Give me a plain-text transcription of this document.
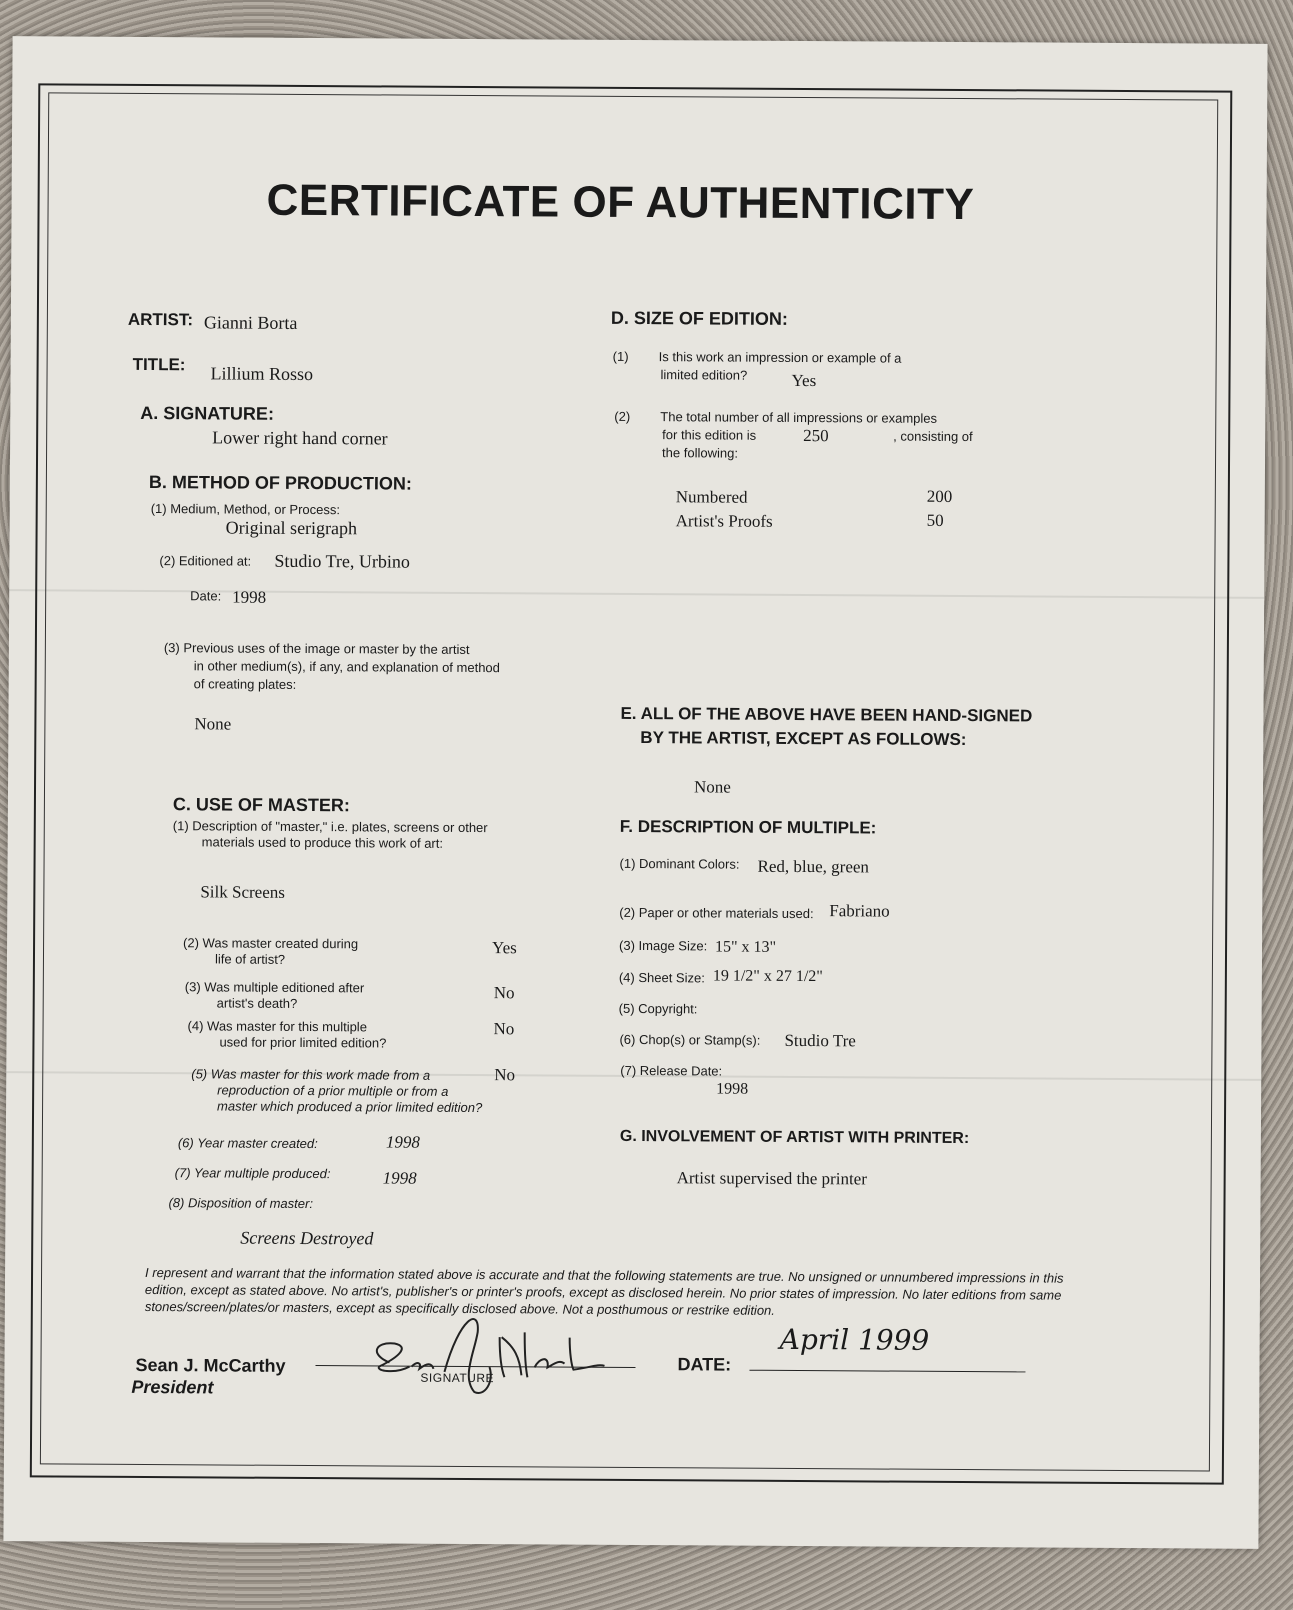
CERTIFICATE OF AUTHENTICITY
ARTIST: Gianni Borta
TITLE: Lillium Rosso
A. SIGNATURE:
Lower right hand corner
B. METHOD OF PRODUCTION:
(1) Medium, Method, or Process:
Original serigraph
(2) Editioned at: Studio Tre, Urbino
Date: 1998
(3) Previous uses of the image or master by the artist
in other medium(s), if any, and explanation of method
of creating plates:
None
C. USE OF MASTER:
(1) Description of "master," i.e. plates, screens or other
materials used to produce this work of art:
Silk Screens
(2) Was master created during
life of artist?
Yes
(3) Was multiple editioned after
artist's death?
No
(4) Was master for this multiple
used for prior limited edition?
No
(5) Was master for this work made from a
reproduction of a prior multiple or from a
master which produced a prior limited edition?
No
(6) Year master created:	1998
(7) Year multiple produced:	1998
(8) Disposition of master:
Screens Destroyed
D. SIZE OF EDITION:
(1) Is this work an impression or example of a
limited edition?	Yes
(2) The total number of all impressions or examples
for this edition is	250	, consisting of
the following:
Numbered	200
Artist's Proofs	50
E. ALL OF THE ABOVE HAVE BEEN HAND-SIGNED
BY THE ARTIST, EXCEPT AS FOLLOWS:
None
F. DESCRIPTION OF MULTIPLE:
(1) Dominant Colors: Red, blue, green
(2) Paper or other materials used: Fabriano
(3) Image Size: 15" x 13"
(4) Sheet Size: 19 1/2" x 27 1/2"
(5) Copyright:
(6) Chop(s) or Stamp(s): Studio Tre
(7) Release Date:
1998
G. INVOLVEMENT OF ARTIST WITH PRINTER:
Artist supervised the printer
I represent and warrant that the information stated above is accurate and that the following statements are true. No unsigned or unnumbered impressions in this edition, except as stated above. No artist's, publisher's or printer's proofs, except as disclosed herein. No prior states of impression. No later editions from same stones/screen/plates/or masters, except as specifically disclosed above. Not a posthumous or restrike edition.
Sean J. McCarthy
President	SIGNATURE
DATE:
April 1999
